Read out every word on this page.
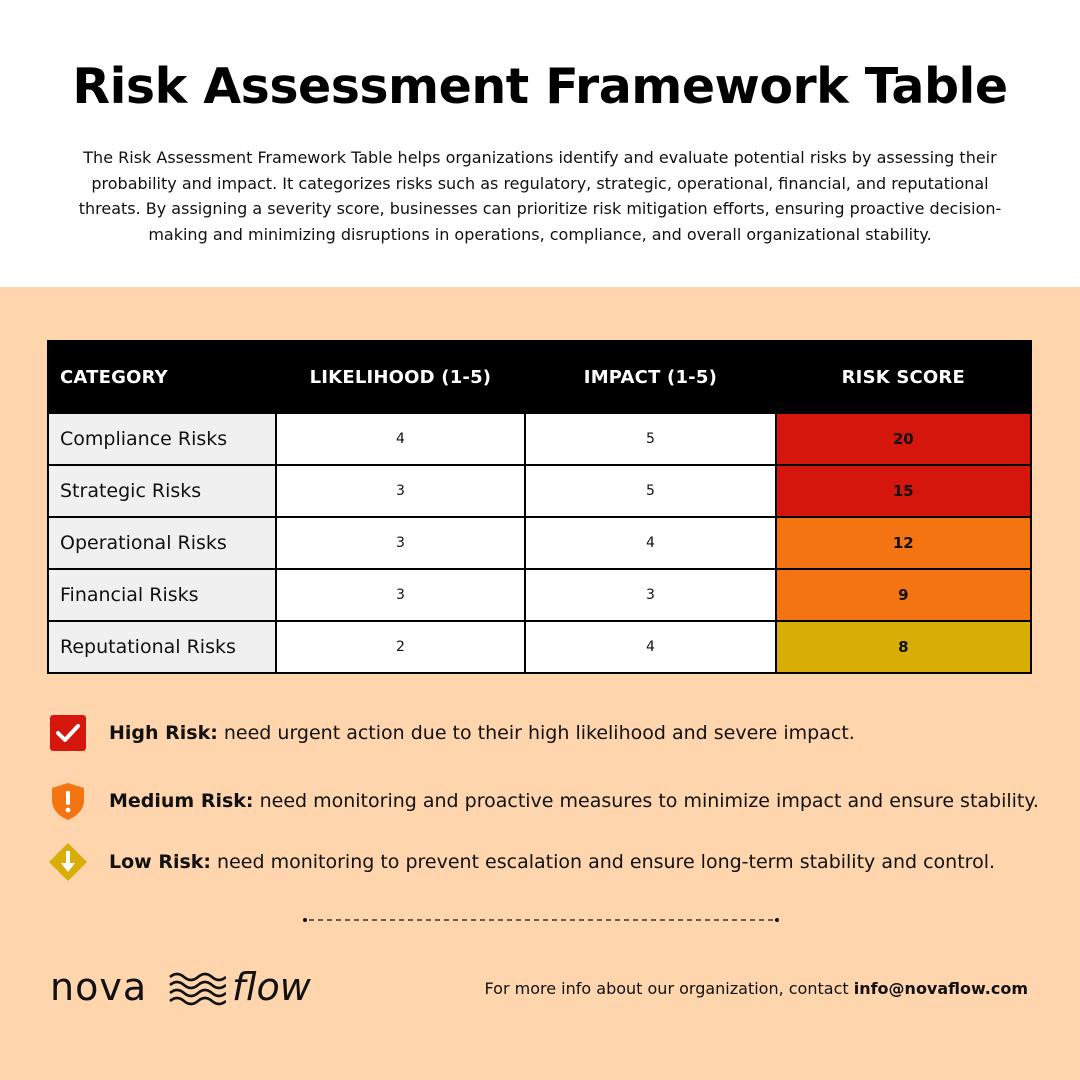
Risk Assessment Framework Table

The Risk Assessment Framework Table helps organizations identify and evaluate potential risks by assessing their probability and impact. It categorizes risks such as regulatory, strategic, operational, financial, and reputational threats. By assigning a severity score, businesses can prioritize risk mitigation efforts, ensuring proactive decision-making and minimizing disruptions in operations, compliance, and overall organizational stability.

CATEGORY	LIKELIHOOD (1-5)	IMPACT (1-5)	RISK SCORE
Compliance Risks	4	5	20
Strategic Risks	3	5	15
Operational Risks	3	4	12
Financial Risks	3	3	9
Reputational Risks	2	4	8
High Risk: need urgent action due to their high likelihood and severe impact.
Medium Risk: need monitoring and proactive measures to minimize impact and ensure stability.
Low Risk: need monitoring to prevent escalation and ensure long-term stability and control.
nova flow	For more info about our organization, contact info@novaflow.com
